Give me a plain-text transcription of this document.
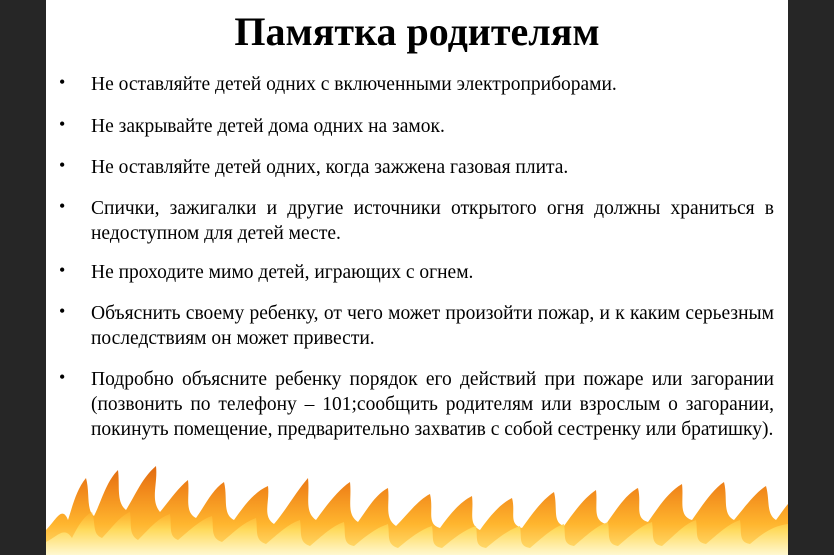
Памятка родителям
• Не оставляйте детей одних с включенными электроприборами.
• Не закрывайте детей дома одних на замок.
• Не оставляйте детей одних, когда зажжена газовая плита.
• Спички, зажигалки и другие источники открытого огня должны храниться в недоступном для детей месте.
• Не проходите мимо детей, играющих с огнем.
• Объяснить своему ребенку, от чего может произойти пожар, и к каким серьезным последствиям он может привести.
• Подробно объясните ребенку порядок его действий при пожаре или загорании (позвонить по телефону – 101;сообщить родителям или взрослым о загорании, покинуть помещение, предварительно захватив с собой сестренку или братишку).
